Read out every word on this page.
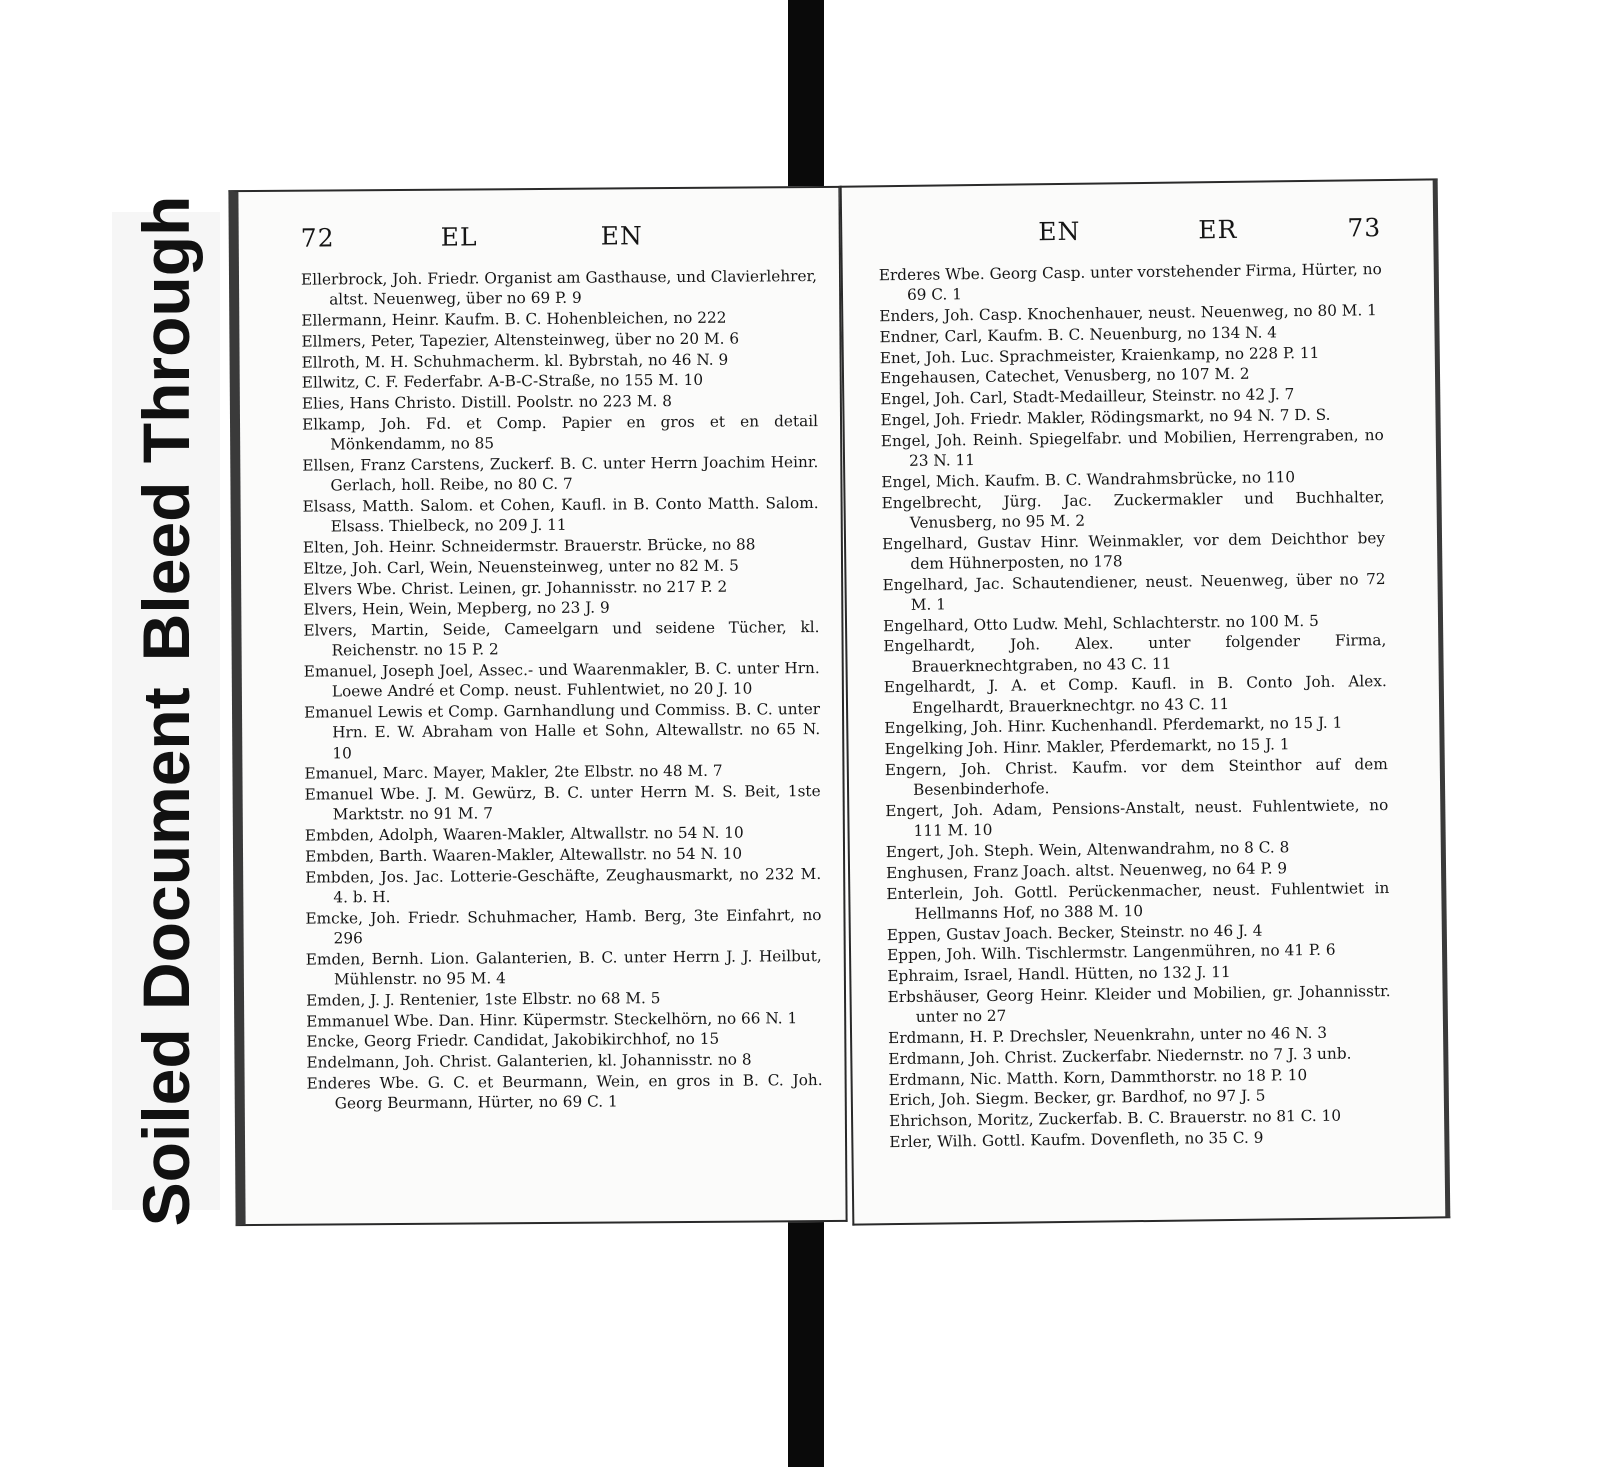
Soiled DocumentBleed Through	72	EL	EN

Ellerbrock, Joh. Friedr. Organist am Gasthause, und Clavierlehrer, altst. Neuenweg, über no 69 P. 9

Ellermann, Heinr. Kaufm. B. C. Hohenbleichen, no 222

Ellmers, Peter, Tapezier, Altensteinweg, über no 20 M. 6

Ellroth, M. H. Schuhmacherm. kl. Bybrstah, no 46 N. 9

Ellwitz, C. F. Federfabr. A-B-C-Straße, no 155 M. 10

Elies, Hans Christo. Distill. Poolstr. no 223 M. 8

Elkamp, Joh. Fd. et Comp. Papier en gros et en detail Mönkendamm, no 85

Ellsen, Franz Carstens, Zuckerf. B. C. unter Herrn Joachim Heinr. Gerlach, holl. Reibe, no 80 C. 7

Elsass, Matth. Salom. et Cohen, Kaufl. in B. Conto Matth. Salom. Elsass. Thielbeck, no 209 J. 11

Elten, Joh. Heinr. Schneidermstr. Brauerstr. Brücke, no 88

Eltze, Joh. Carl, Wein, Neuensteinweg, unter no 82 M. 5

Elvers Wbe. Christ. Leinen, gr. Johannisstr. no 217 P. 2

Elvers, Hein, Wein, Mepberg, no 23 J. 9

Elvers, Martin, Seide, Cameelgarn und seidene Tücher, kl. Reichenstr. no 15 P. 2

Emanuel, Joseph Joel, Assec.- und Waarenmakler, B. C. unter Hrn. Loewe André et Comp. neust. Fuhlentwiet, no 20 J. 10

Emanuel Lewis et Comp. Garnhandlung und Commiss. B. C. unter Hrn. E. W. Abraham von Halle et Sohn, Altewallstr. no 65 N. 10

Emanuel, Marc. Mayer, Makler, 2te Elbstr. no 48 M. 7

Emanuel Wbe. J. M. Gewürz, B. C. unter Herrn M. S. Beit, 1ste Marktstr. no 91 M. 7

Embden, Adolph, Waaren-Makler, Altwallstr. no 54 N. 10

Embden, Barth. Waaren-Makler, Altewallstr. no 54 N. 10

Embden, Jos. Jac. Lotterie-Geschäfte, Zeughausmarkt, no 232 M. 4. b. H.

Emcke, Joh. Friedr. Schuhmacher, Hamb. Berg, 3te Einfahrt, no 296

Emden, Bernh. Lion. Galanterien, B. C. unter Herrn J. J. Heilbut, Mühlenstr. no 95 M. 4

Emden, J. J. Rentenier, 1ste Elbstr. no 68 M. 5

Emmanuel Wbe. Dan. Hinr. Küpermstr. Steckelhörn, no 66 N. 1

Encke, Georg Friedr. Candidat, Jakobikirchhof, no 15

Endelmann, Joh. Christ. Galanterien, kl. Johannisstr. no 8

Enderes Wbe. G. C. et Beurmann, Wein, en gros in B. C. Joh. Georg Beurmann, Hürter, no 69 C. 1

EN	ER	73

Erderes Wbe. Georg Casp. unter vorstehender Firma, Hürter, no 69 C. 1

Enders, Joh. Casp. Knochenhauer, neust. Neuenweg, no 80 M. 1

Endner, Carl, Kaufm. B. C. Neuenburg, no 134 N. 4

Enet, Joh. Luc. Sprachmeister, Kraienkamp, no 228 P. 11

Engehausen, Catechet, Venusberg, no 107 M. 2

Engel, Joh. Carl, Stadt-Medailleur, Steinstr. no 42 J. 7

Engel, Joh. Friedr. Makler, Rödingsmarkt, no 94 N. 7 D. S.

Engel, Joh. Reinh. Spiegelfabr. und Mobilien, Herrengraben, no 23 N. 11

Engel, Mich. Kaufm. B. C. Wandrahmsbrücke, no 110

Engelbrecht, Jürg. Jac. Zuckermakler und Buchhalter, Venusberg, no 95 M. 2

Engelhard, Gustav Hinr. Weinmakler, vor dem Deichthor bey dem Hühnerposten, no 178

Engelhard, Jac. Schautendiener, neust. Neuenweg, über no 72 M. 1

Engelhard, Otto Ludw. Mehl, Schlachterstr. no 100 M. 5

Engelhardt, Joh. Alex. unter folgender Firma, Brauerknechtgraben, no 43 C. 11

Engelhardt, J. A. et Comp. Kaufl. in B. Conto Joh. Alex. Engelhardt, Brauerknechtgr. no 43 C. 11

Engelking, Joh. Hinr. Kuchenhandl. Pferdemarkt, no 15 J. 1

Engelking Joh. Hinr. Makler, Pferdemarkt, no 15 J. 1

Engern, Joh. Christ. Kaufm. vor dem Steinthor auf dem Besenbinderhofe.

Engert, Joh. Adam, Pensions-Anstalt, neust. Fuhlentwiete, no 111 M. 10

Engert, Joh. Steph. Wein, Altenwandrahm, no 8 C. 8

Enghusen, Franz Joach. altst. Neuenweg, no 64 P. 9

Enterlein, Joh. Gottl. Perückenmacher, neust. Fuhlentwiet in Hellmanns Hof, no 388 M. 10

Eppen, Gustav Joach. Becker, Steinstr. no 46 J. 4

Eppen, Joh. Wilh. Tischlermstr. Langenmühren, no 41 P. 6

Ephraim, Israel, Handl. Hütten, no 132 J. 11

Erbshäuser, Georg Heinr. Kleider und Mobilien, gr. Johannisstr. unter no 27

Erdmann, H. P. Drechsler, Neuenkrahn, unter no 46 N. 3

Erdmann, Joh. Christ. Zuckerfabr. Niedernstr. no 7 J. 3 unb.

Erdmann, Nic. Matth. Korn, Dammthorstr. no 18 P. 10

Erich, Joh. Siegm. Becker, gr. Bardhof, no 97 J. 5

Ehrichson, Moritz, Zuckerfab. B. C. Brauerstr. no 81 C. 10

Erler, Wilh. Gottl. Kaufm. Dovenfleth, no 35 C. 9
